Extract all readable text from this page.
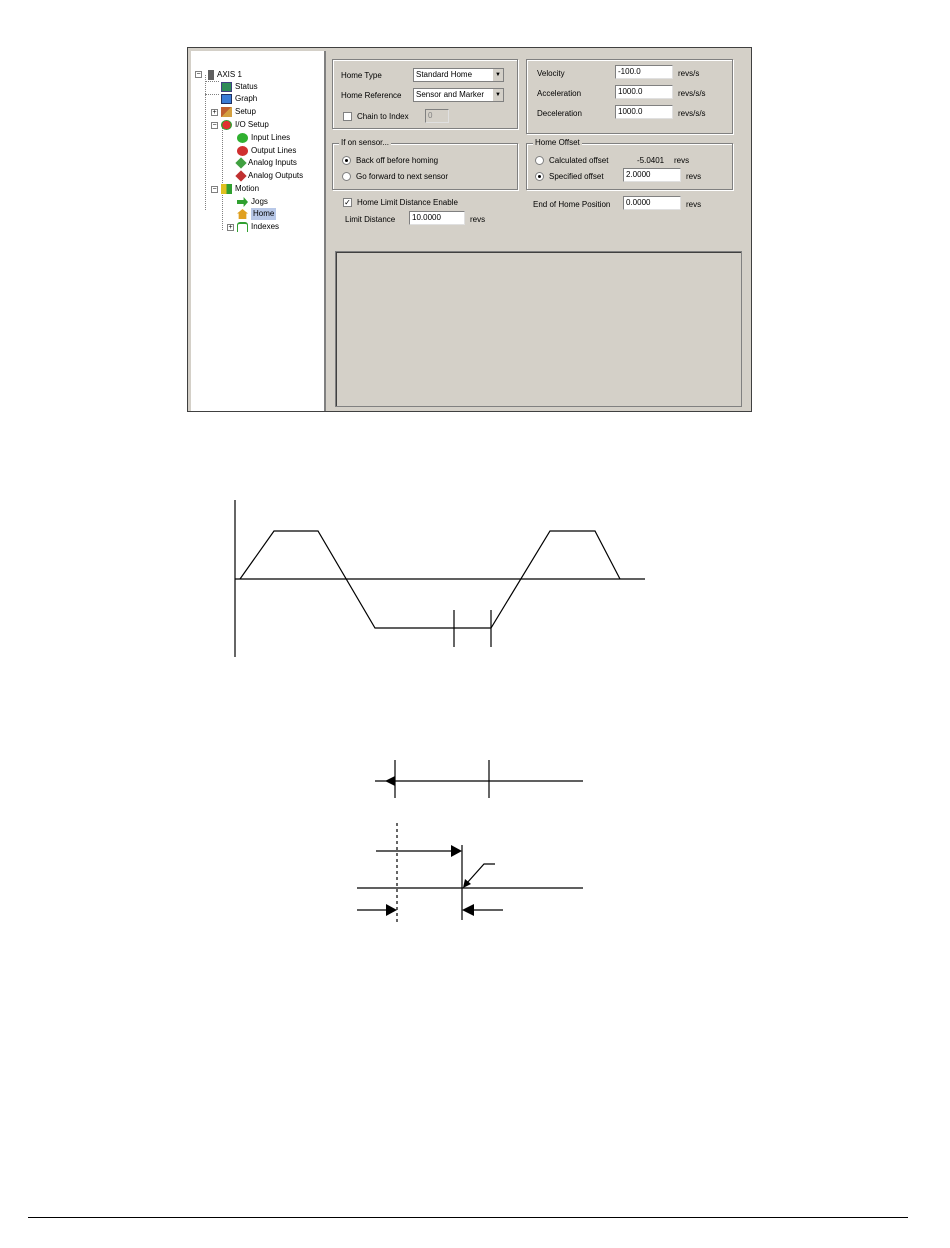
− AXIS 1
Status
Graph
+ Setup
− I/O Setup
Input Lines
Output Lines
Analog Inputs
Analog Outputs
− Motion
Jogs
Home
+ Indexes
Home Type	Standard Home	▼
Home Reference	Sensor and Marker	▼
Chain to Index	0
Velocity	-100.0	revs/s
Acceleration	1000.0	revs/s/s
Deceleration	1000.0	revs/s/s
If on sensor...
Back off before homing
Go forward to next sensor
Home Offset
Calculated offset	-5.0401 revs
Specified offset	2.0000	revs
✓ Home Limit Distance Enable
Limit Distance	10.0000	revs
End of Home Position	0.0000	revs
